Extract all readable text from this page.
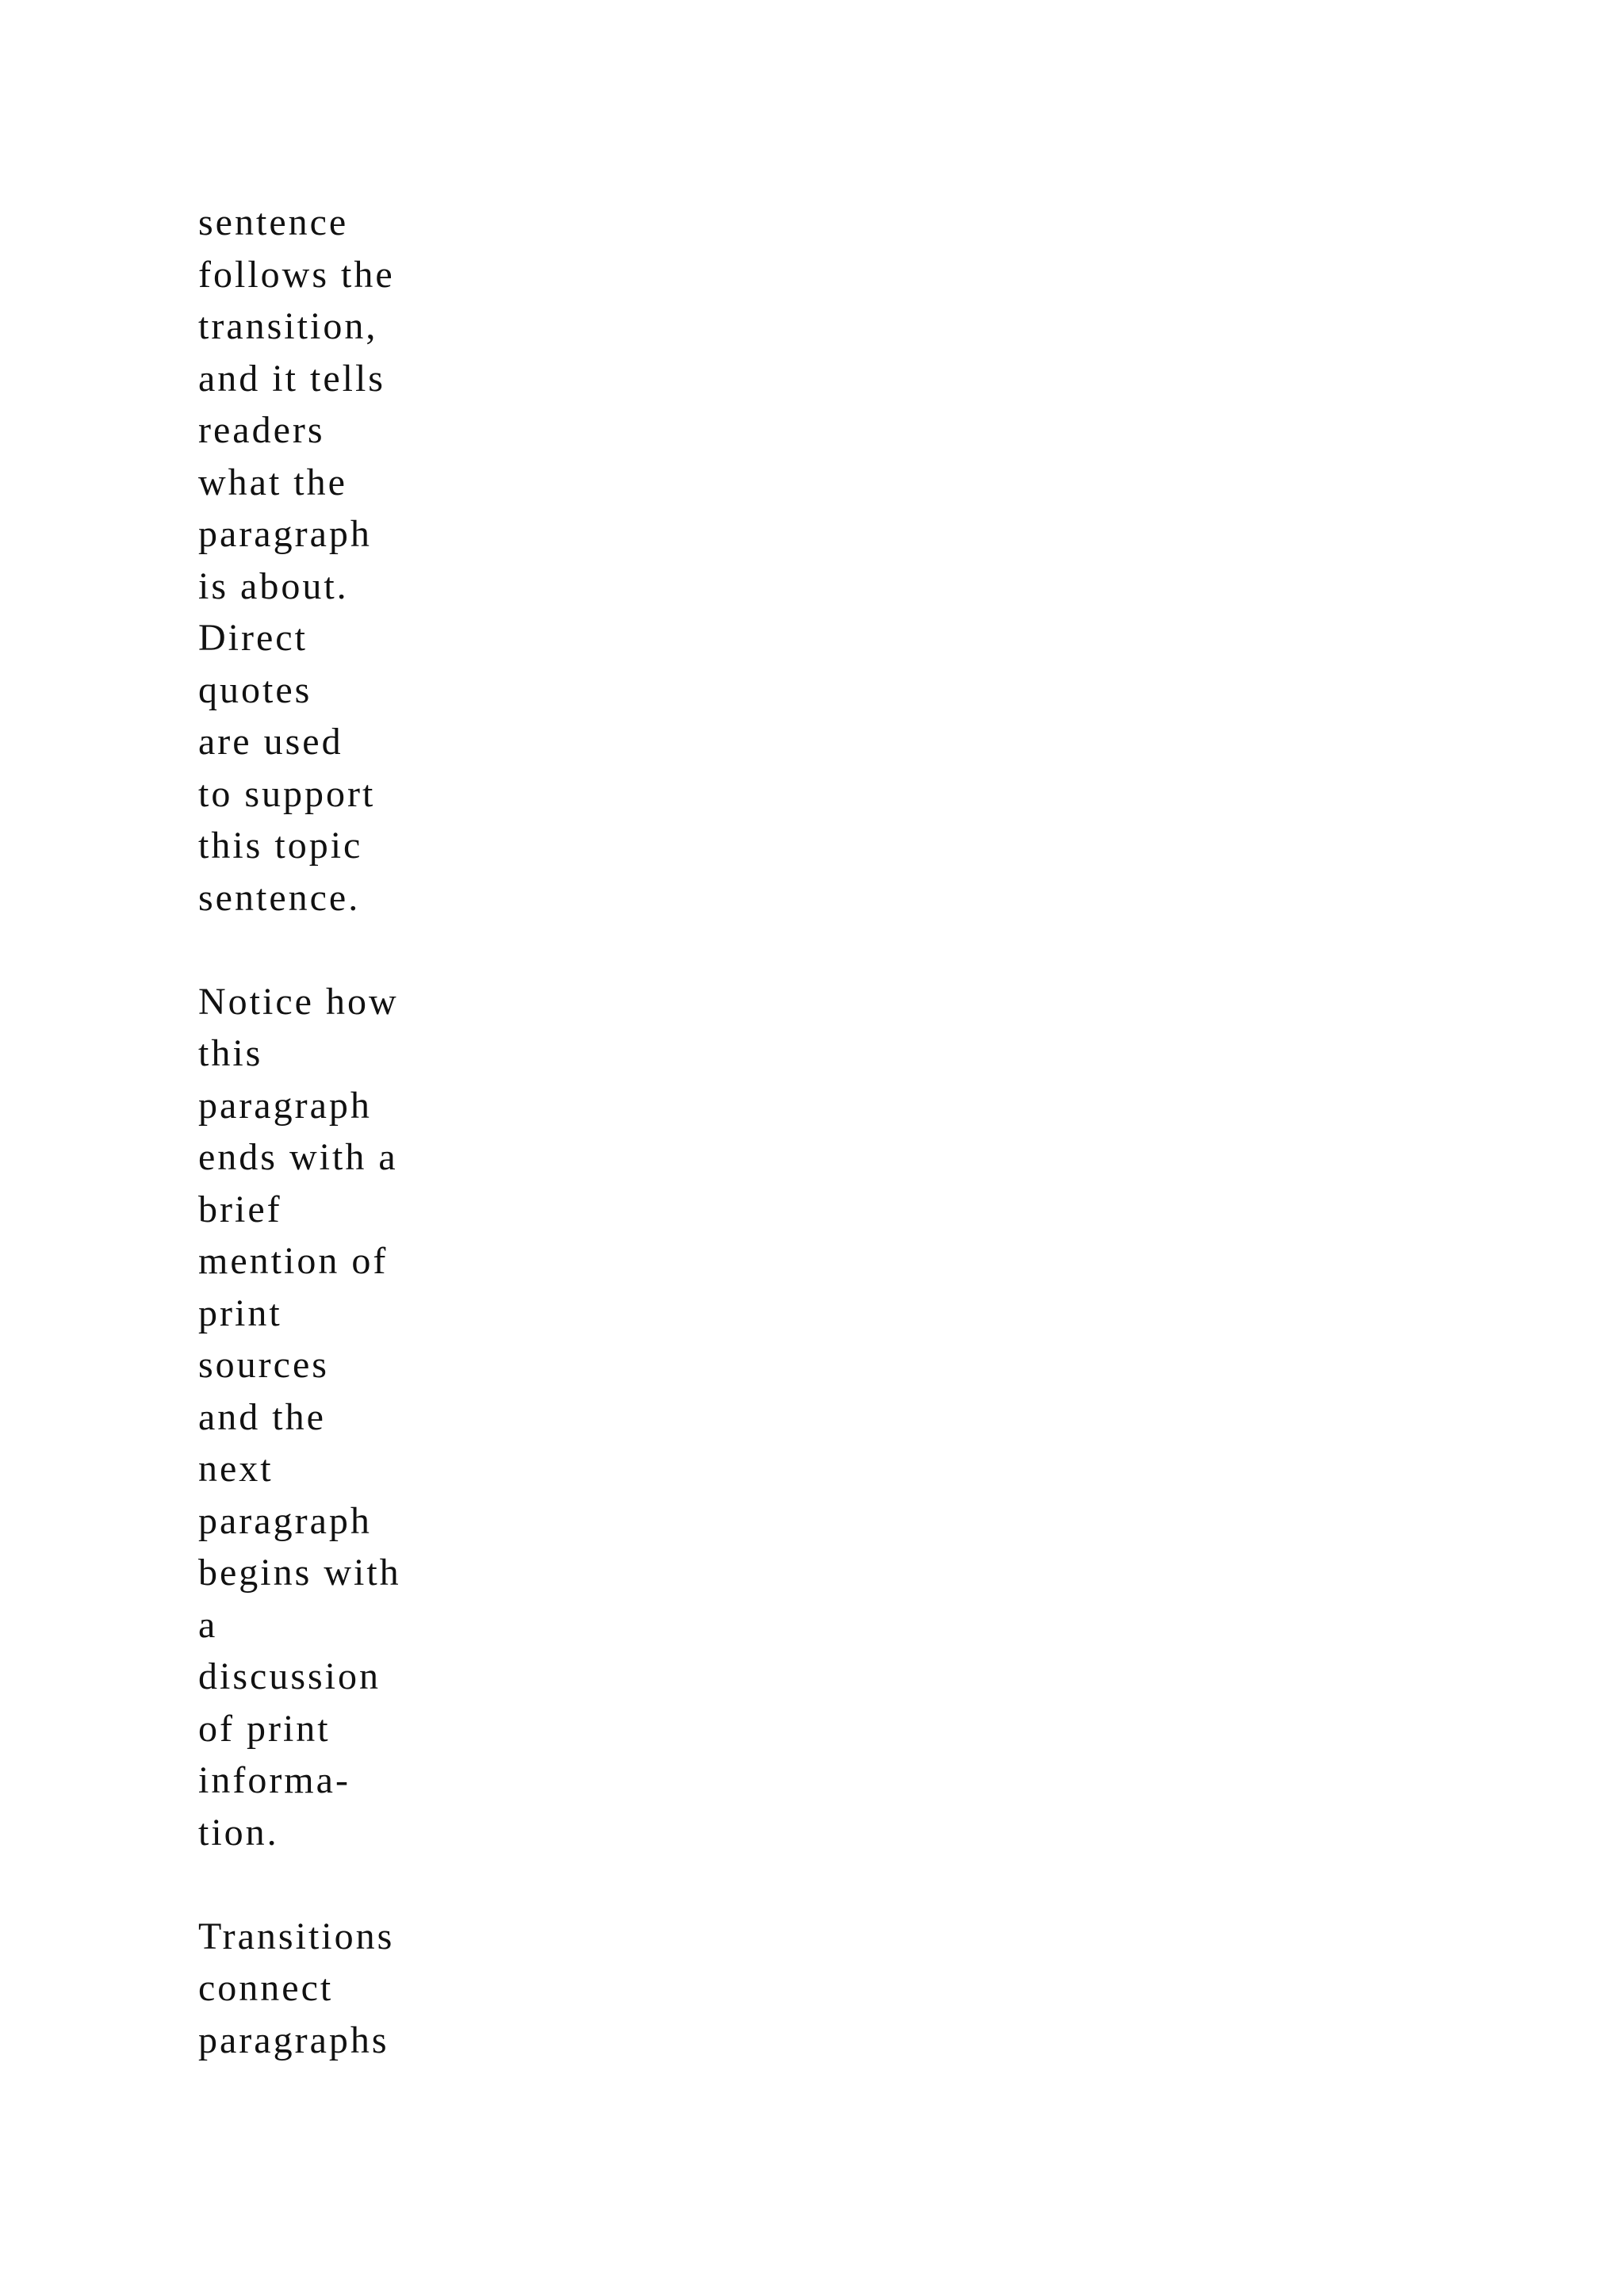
sentence
follows the
transition,
and it tells
readers
what the
paragraph
is about.
Direct
quotes
are used
to support
this topic
sentence.
Notice how
this
paragraph
ends with a
brief
mention of
print
sources
and the
next
paragraph
begins with
a
discussion
of print
informa-
tion.
Transitions
connect
paragraphs
